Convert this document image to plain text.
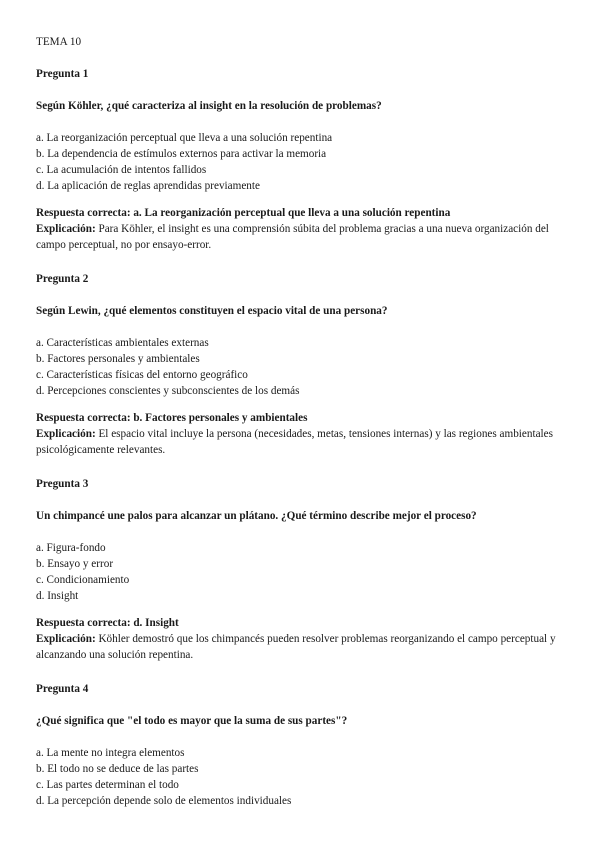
TEMA 10

Pregunta 1

Según Köhler, ¿qué caracteriza al insight en la resolución de problemas?

a. La reorganización perceptual que lleva a una solución repentina
b. La dependencia de estímulos externos para activar la memoria
c. La acumulación de intentos fallidos
d. La aplicación de reglas aprendidas previamente

Respuesta correcta: a. La reorganización perceptual que lleva a una solución repentina

Explicación: Para Köhler, el insight es una comprensión súbita del problema gracias a una nueva organización del campo perceptual, no por ensayo-error.

Pregunta 2

Según Lewin, ¿qué elementos constituyen el espacio vital de una persona?

a. Características ambientales externas
b. Factores personales y ambientales
c. Características físicas del entorno geográfico
d. Percepciones conscientes y subconscientes de los demás

Respuesta correcta: b. Factores personales y ambientales

Explicación: El espacio vital incluye la persona (necesidades, metas, tensiones internas) y las regiones ambientales psicológicamente relevantes.

Pregunta 3

Un chimpancé une palos para alcanzar un plátano. ¿Qué término describe mejor el proceso?

a. Figura-fondo
b. Ensayo y error
c. Condicionamiento
d. Insight

Respuesta correcta: d. Insight

Explicación: Köhler demostró que los chimpancés pueden resolver problemas reorganizando el campo perceptual y alcanzando una solución repentina.

Pregunta 4

¿Qué significa que "el todo es mayor que la suma de sus partes"?

a. La mente no integra elementos
b. El todo no se deduce de las partes
c. Las partes determinan el todo
d. La percepción depende solo de elementos individuales
